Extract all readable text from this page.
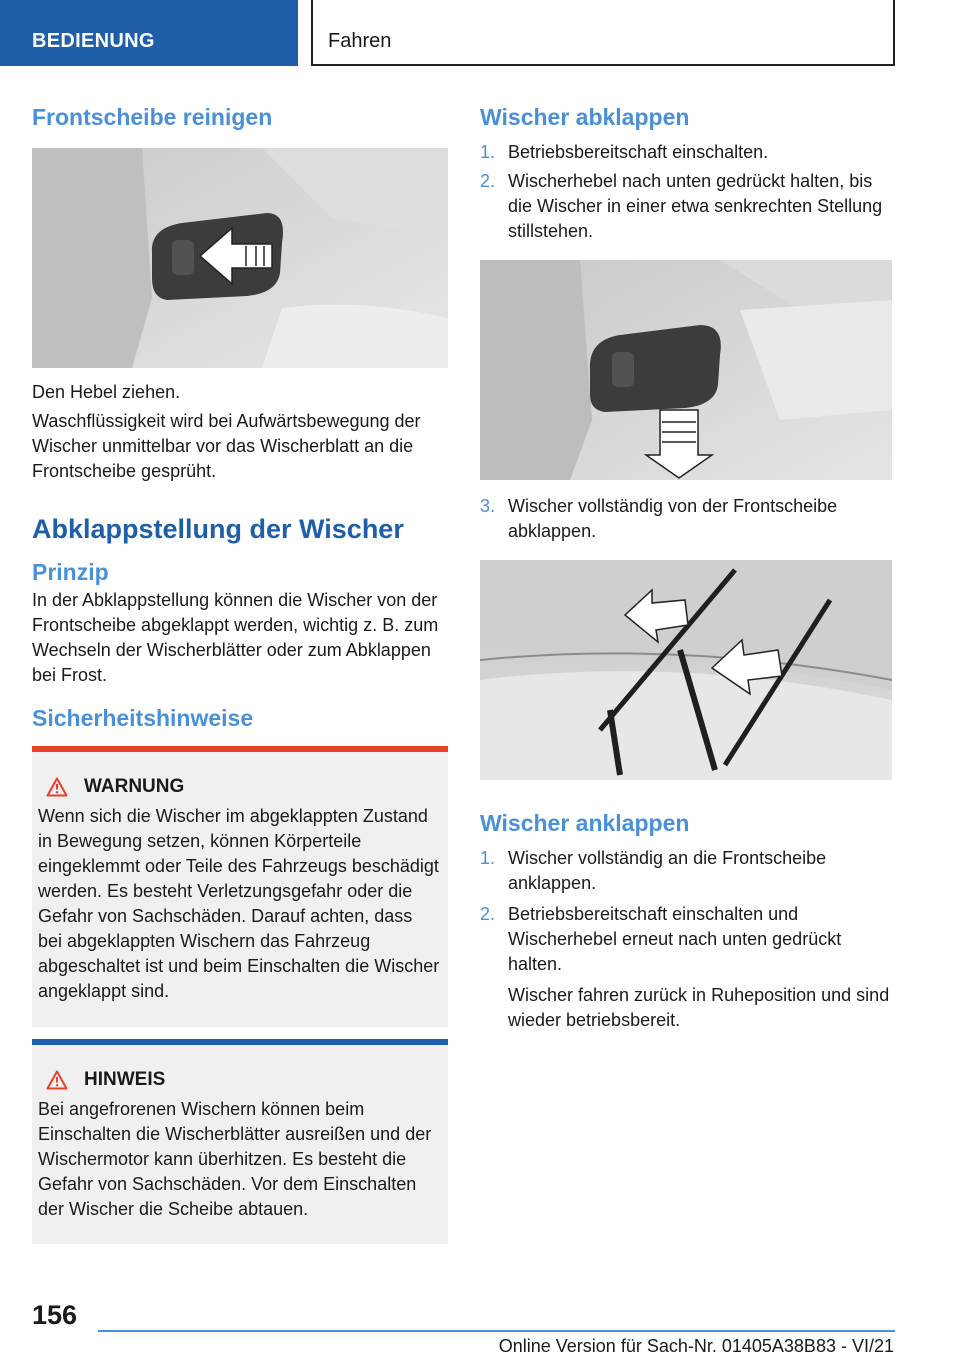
BEDIENUNG	Fahren
Frontscheibe reinigen

Den Hebel ziehen.

Waschflüssigkeit wird bei Aufwärtsbewegung der Wischer unmittelbar vor das Wischerblatt an die Frontscheibe gesprüht.

Abklappstellung der Wischer
Prinzip

In der Abklappstellung können die Wischer von der Frontscheibe abgeklappt werden, wichtig z. B. zum Wechseln der Wischerblätter oder zum Abklappen bei Frost.

Sicherheitshinweise
WARNUNG

Wenn sich die Wischer im abgeklappten Zustand in Bewegung setzen, können Körperteile eingeklemmt oder Teile des Fahrzeugs beschädigt werden. Es besteht Verletzungsgefahr oder die Gefahr von Sachschäden. Darauf achten, dass bei abgeklappten Wischern das Fahrzeug abgeschaltet ist und beim Einschalten die Wischer angeklappt sind.

HINWEIS

Bei angefrorenen Wischern können beim Einschalten die Wischerblätter ausreißen und der Wischermotor kann überhitzen. Es besteht die Gefahr von Sachschäden. Vor dem Einschalten der Wischer die Scheibe abtauen.

Wischer abklappen
1. Betriebsbereitschaft einschalten.
2. Wischerhebel nach unten gedrückt halten, bis die Wischer in einer etwa senkrechten Stellung stillstehen.
3. Wischer vollständig von der Frontscheibe abklappen.
Wischer anklappen
1. Wischer vollständig an die Frontscheibe anklappen.
2. Betriebsbereitschaft einschalten und Wischerhebel erneut nach unten gedrückt halten.

Wischer fahren zurück in Ruheposition und sind wieder betriebsbereit.

156
Online Version für Sach-Nr. 01405A38B83 - VI/21
